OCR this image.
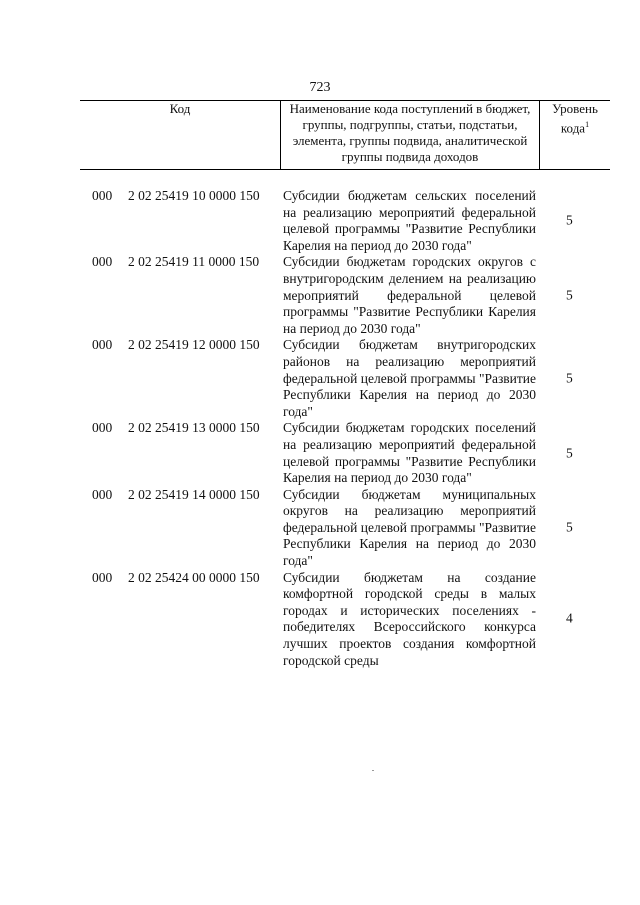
723
Код	Наименование кода поступлений в бюджет, группы, подгруппы, статьи, подстатьи, элемента, группы подвида, аналитической группы подвида доходов
Уровень кода$^1$
000 2 02 25419 10 0000 150 Субсидии бюджетам сельских поселений на реализацию мероприятий федеральной целевой программы "Развитие Республики Карелия на период до 2030 года"
5
000 2 02 25419 11 0000 150 Субсидии бюджетам городских округов с внутригородским делением на реализацию мероприятий федеральной целевой программы "Развитие Республики Карелия на период до 2030 года"
5
000 2 02 25419 12 0000 150 Субсидии бюджетам внутригородских районов на реализацию мероприятий федеральной целевой программы "Развитие Республики Карелия на период до 2030 года"
5
000 2 02 25419 13 0000 150 Субсидии бюджетам городских поселений на реализацию мероприятий федеральной целевой программы "Развитие Республики Карелия на период до 2030 года"
5
000 2 02 25419 14 0000 150 Субсидии бюджетам муниципальных округов на реализацию мероприятий федеральной целевой программы "Развитие Республики Карелия на период до 2030 года"
5
000 2 02 25424 00 0000 150 Субсидии бюджетам на создание комфортной городской среды в малых городах и исторических поселениях - победителях Всероссийского конкурса лучших проектов создания комфортной городской среды
4
